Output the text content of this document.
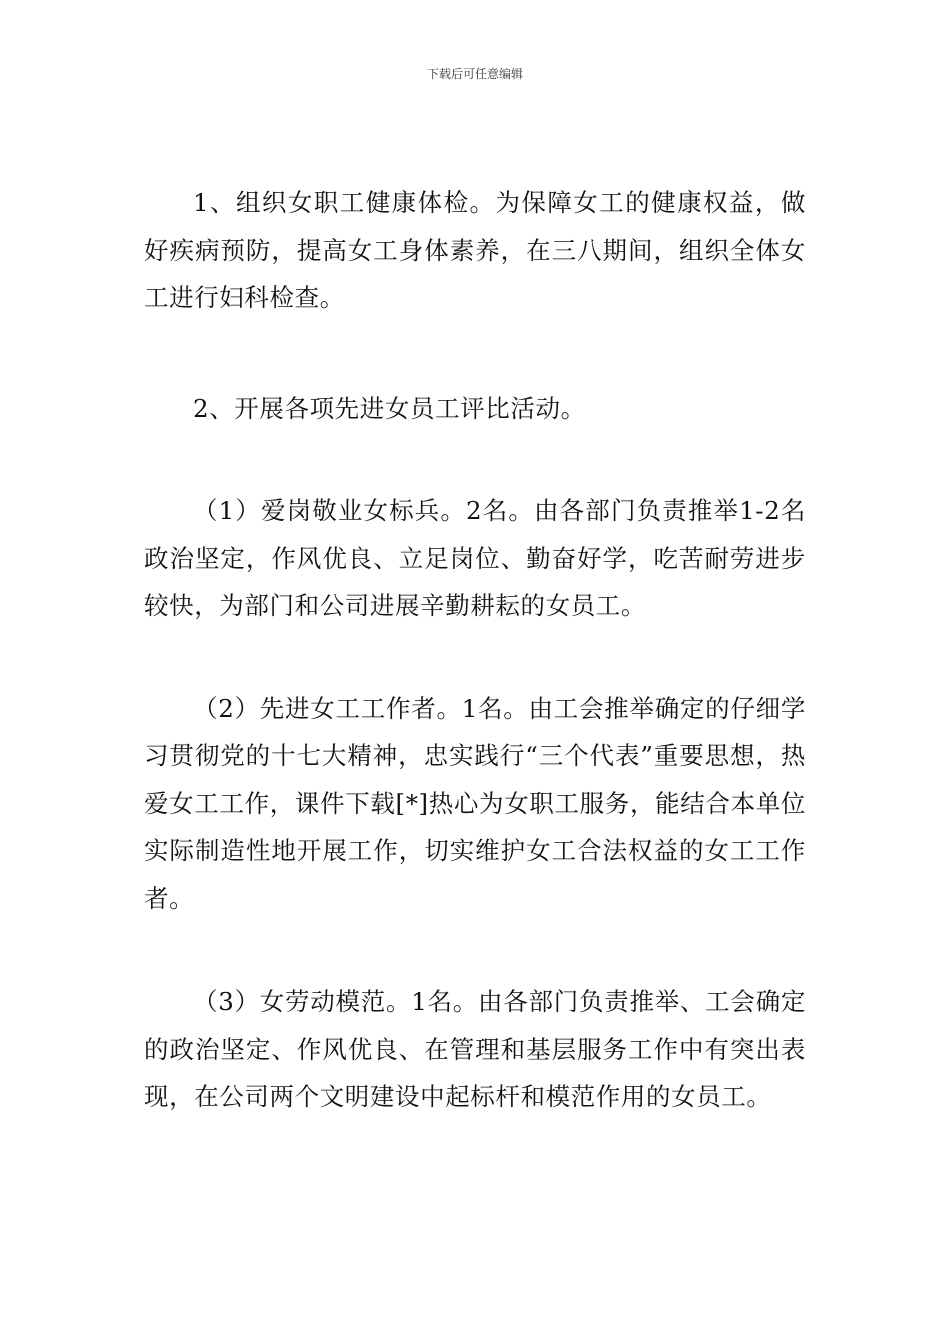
下载后可任意编辑

1、组织女职工健康体检。为保障女工的健康权益，做好疾病预防，提高女工身体素养，在三八期间，组织全体女工进行妇科检查。

2、开展各项先进女员工评比活动。

（1）爱岗敬业女标兵。2名。由各部门负责推举1-2名政治坚定，作风优良、立足岗位、勤奋好学，吃苦耐劳进步较快，为部门和公司进展辛勤耕耘的女员工。

（2）先进女工工作者。1名。由工会推举确定的仔细学习贯彻党的十七大精神，忠实践行“三个代表”重要思想，热爱女工工作，课件下载[*]热心为女职工服务，能结合本单位实际制造性地开展工作，切实维护女工合法权益的女工工作者。

（3）女劳动模范。1名。由各部门负责推举、工会确定的政治坚定、作风优良、在管理和基层服务工作中有突出表现，在公司两个文明建设中起标杆和模范作用的女员工。
